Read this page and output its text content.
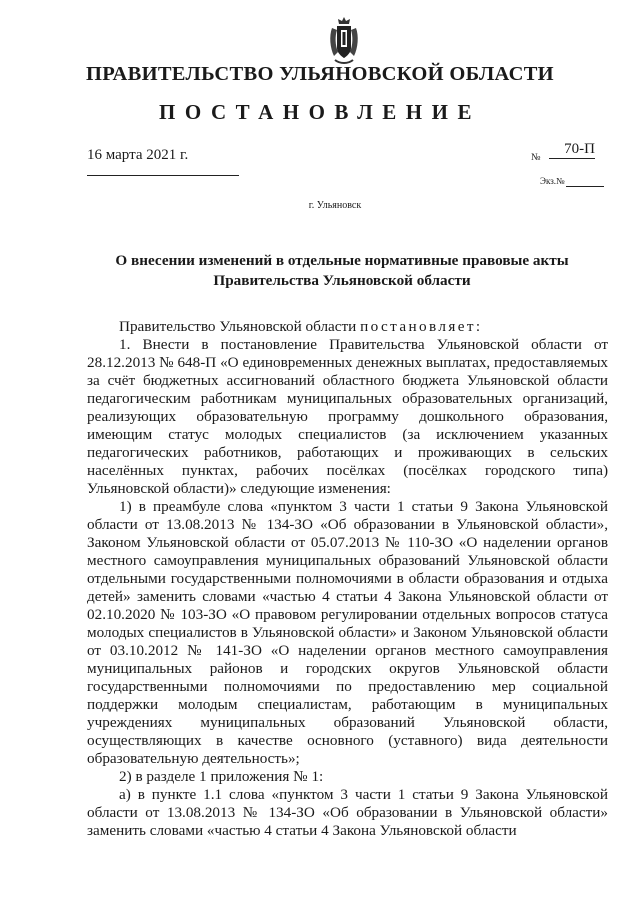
ПРАВИТЕЛЬСТВО УЛЬЯНОВСКОЙ ОБЛАСТИ
ПОСТАНОВЛЕНИЕ
16 марта 2021 г.	№
70-П
Экз.№
г. Ульяновск
О внесении изменений в отдельные нормативные правовые акты
Правительства Ульяновской области

Правительство Ульяновской области постановляет:

1. Внести в постановление Правительства Ульяновской области от 28.12.2013 № 648-П «О единовременных денежных выплатах, предоставляемых за счёт бюджетных ассигнований областного бюджета Ульяновской области педагогическим работникам муниципальных образовательных организаций, реализующих образовательную программу дошкольного образования, имеющим статус молодых специалистов (за исключением указанных педагогических работников, работающих и проживающих в сельских населённых пунктах, рабочих посёлках (посёлках городского типа) Ульяновской области)» следующие изменения:

1) в преамбуле слова «пунктом 3 части 1 статьи 9 Закона Ульяновской области от 13.08.2013 № 134-ЗО «Об образовании в Ульяновской области», Законом Ульяновской области от 05.07.2013 № 110-ЗО «О наделении органов местного самоуправления муниципальных образований Ульяновской области отдельными государственными полномочиями в области образования и отдыха детей» заменить словами «частью 4 статьи 4 Закона Ульяновской области от 02.10.2020 № 103-ЗО «О правовом регулировании отдельных вопросов статуса молодых специалистов в Ульяновской области» и Законом Ульяновской области от 03.10.2012 № 141-ЗО «О наделении органов местного самоуправления муниципальных районов и городских округов Ульяновской области государственными полномочиями по предоставлению мер социальной поддержки молодым специалистам, работающим в муниципальных учреждениях муниципальных образований Ульяновской области, осуществляющих в качестве основного (уставного) вида деятельности образовательную деятельность»;

2) в разделе 1 приложения № 1:

а) в пункте 1.1 слова «пунктом 3 части 1 статьи 9 Закона Ульяновской области от 13.08.2013 № 134-ЗО «Об образовании в Ульяновской области» заменить словами «частью 4 статьи 4 Закона Ульяновской области
